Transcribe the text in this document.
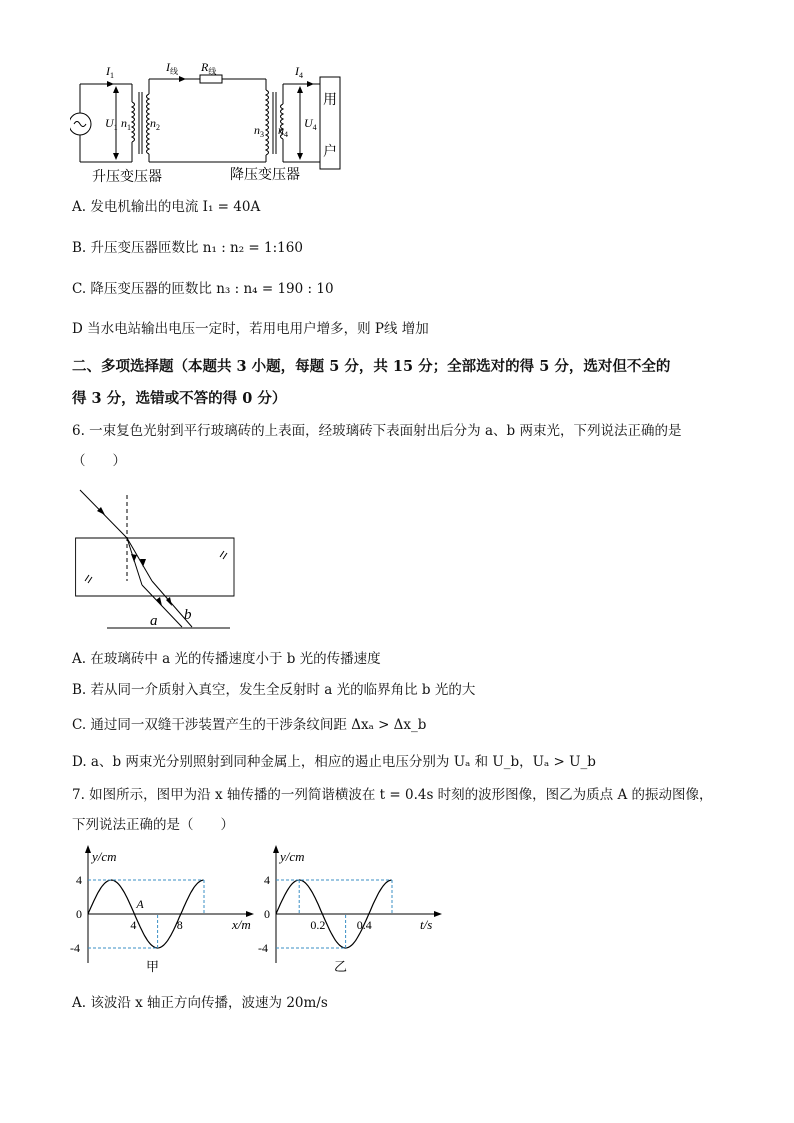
$I_1$
$I_线$ $R_线$	$I_4$
$U_1$ $n_1$ $n_2$	$n_3$ $n_4$
$U_4$
用
户
升压变压器	降压变压器
A. 发电机输出的电流 I₁ = 40A
B. 升压变压器匝数比 n₁ : n₂ = 1:160
C. 降压变压器的匝数比 n₃ : n₄ = 190 : 10
D 当水电站输出电压一定时，若用电用户增多，则 P线 增加
二、多项选择题（本题共 3 小题，每题 5 分，共 15 分；全部选对的得 5 分，选对但不全的
得 3 分，选错或不答的得 0 分）
6. 一束复色光射到平行玻璃砖的上表面，经玻璃砖下表面射出后分为 a、b 两束光，下列说法正确的是
（　　）
a b
A. 在玻璃砖中 a 光的传播速度小于 b 光的传播速度
B. 若从同一介质射入真空，发生全反射时 a 光的临界角比 b 光的大
C. 通过同一双缝干涉装置产生的干涉条纹间距 Δxₐ > Δx_b
D. a、b 两束光分别照射到同种金属上，相应的遏止电压分别为 Uₐ 和 U_b，Uₐ > U_b
7. 如图所示，图甲为沿 x 轴传播的一列简谐横波在 t = 0.4s 时刻的波形图像，图乙为质点 A 的振动图像，
下列说法正确的是（　　）
4
0
-4
4	8
A
y/cm
x/m
甲
4
0
-4
0.2	0.4
y/cm
t/s
乙
A. 该波沿 x 轴正方向传播，波速为 20m/s
